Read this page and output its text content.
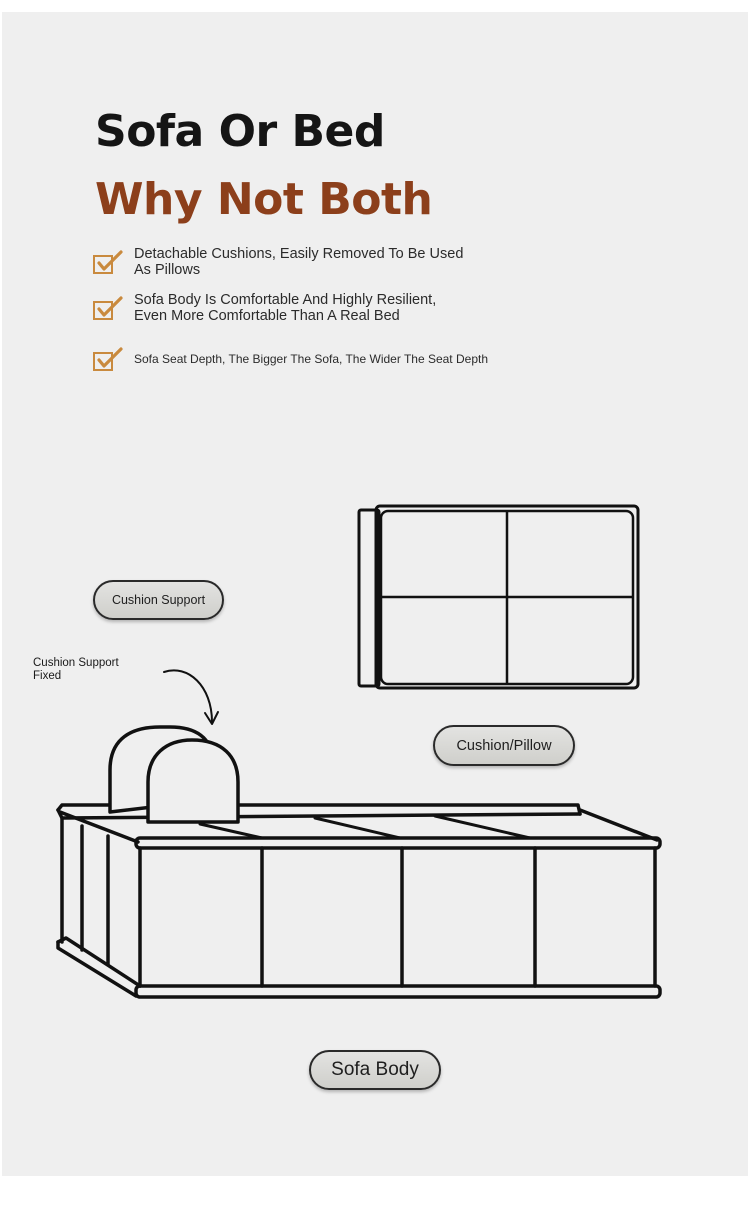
Sofa Or Bed
Why Not Both
Detachable Cushions, Easily Removed To Be Used
As Pillows
Sofa Body Is Comfortable And Highly Resilient,
Even More Comfortable Than A Real Bed
Sofa Seat Depth, The Bigger The Sofa, The Wider The Seat Depth
Cushion Support
Cushion Support
Fixed
Cushion/Pillow
Sofa Body
